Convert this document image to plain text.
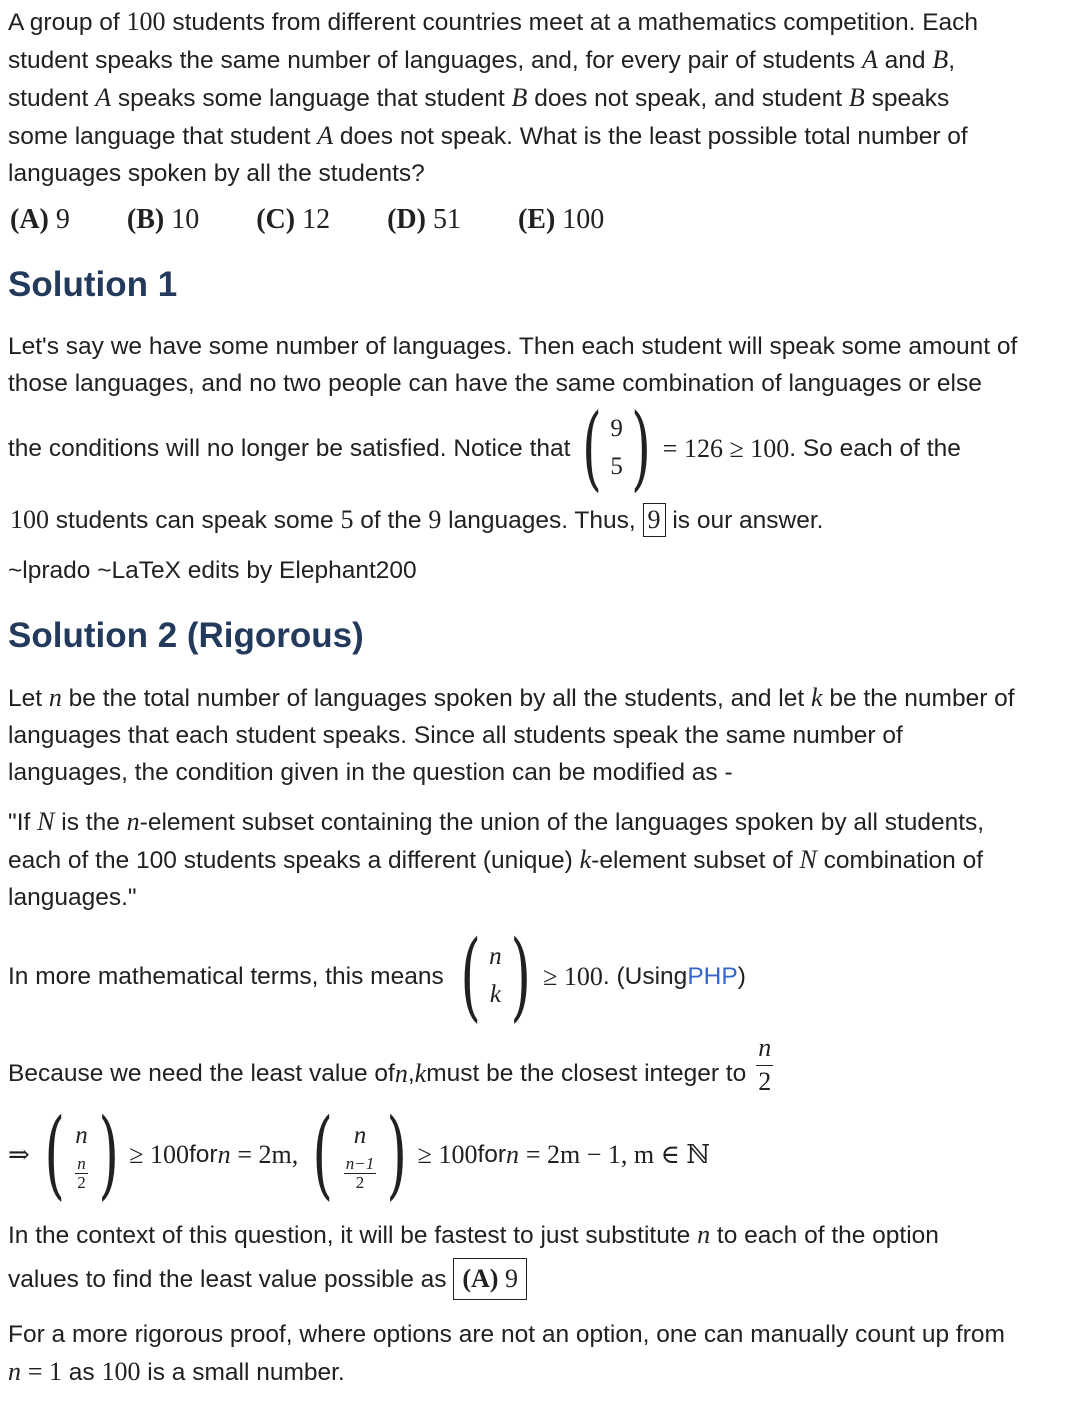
A group of 100 students from different countries meet at a mathematics competition. Each

student speaks the same number of languages, and, for every pair of students A and B,

student A speaks some language that student B does not speak, and student B speaks

some language that student A does not speak. What is the least possible total number of

languages spoken by all the students?

(A) 9 (B) 10 (C) 12 (D) 51 (E) 100
Solution 1

Let's say we have some number of languages. Then each student will speak some amount of

those languages, and no two people can have the same combination of languages or else

the conditions will no longer be satisfied. Notice that ( 9
5 ) = 126 ≥ 100 . So each of the

100 students can speak some 5 of the 9 languages. Thus, 9 is our answer.

~lprado ~LaTeX edits by Elephant200

Solution 2 (Rigorous)

Let n be the total number of languages spoken by all the students, and let k be the number of

languages that each student speaks. Since all students speak the same number of

languages, the condition given in the question can be modified as -

"If N is the n-element subset containing the union of the languages spoken by all students,

each of the 100 students speaks a different (unique) k-element subset of N combination of

languages."

In more mathematical terms, this means ( n
k ) ≥ 100 . (Using PHP )

Because we need the least value of n , k must be the closest integer to $\frac{n}{2}$

⇒ ( n
$\frac{n}{2}$ ) ≥ 100 for n
= 2m, ( n
$\frac{n-1}{2}$ ) ≥ 100 for n
= 2m − 1, m ∈ ℕ

In the context of this question, it will be fastest to just substitute n to each of the option

values to find the least value possible as (A) 9

For a more rigorous proof, where options are not an option, one can manually count up from

n = 1 as 100 is a small number.
